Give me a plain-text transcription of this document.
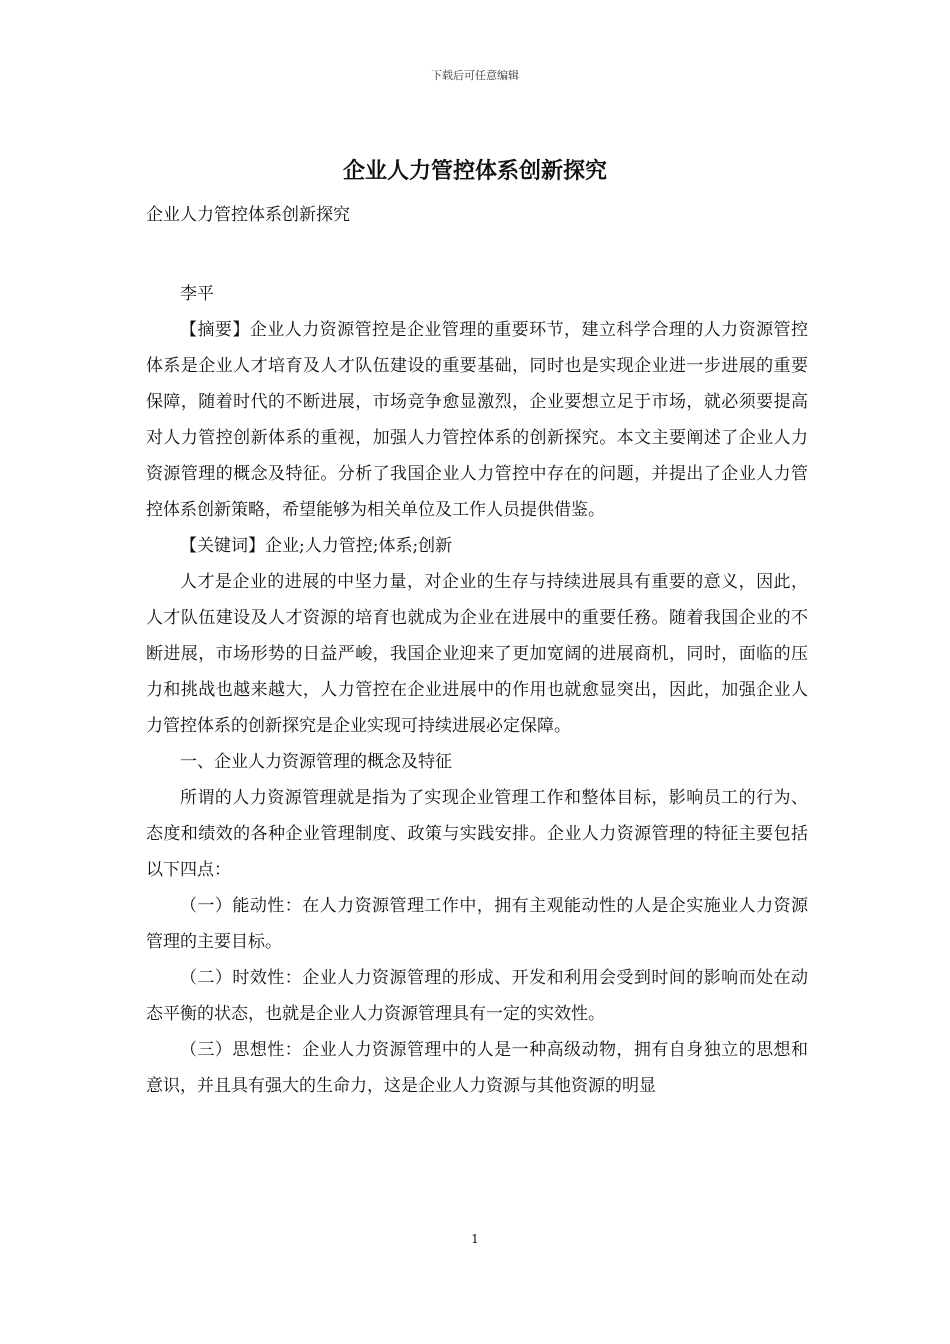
下载后可任意编辑
企业人力管控体系创新探究

企业人力管控体系创新探究

李平

【摘要】企业人力资源管控是企业管理的重要环节，建立科学合理的人力资源管控体系是企业人才培育及人才队伍建设的重要基础，同时也是实现企业进一步进展的重要保障，随着时代的不断进展，市场竞争愈显激烈，企业要想立足于市场，就必须要提高对人力管控创新体系的重视，加强人力管控体系的创新探究。本文主要阐述了企业人力资源管理的概念及特征。分析了我国企业人力管控中存在的问题，并提出了企业人力管控体系创新策略，希望能够为相关单位及工作人员提供借鉴。

【关键词】企业;人力管控;体系;创新

人才是企业的进展的中坚力量，对企业的生存与持续进展具有重要的意义，因此，人才队伍建设及人才资源的培育也就成为企业在进展中的重要任務。随着我国企业的不断进展，市场形势的日益严峻，我国企业迎来了更加宽阔的进展商机，同时，面临的压力和挑战也越来越大，人力管控在企业进展中的作用也就愈显突出，因此，加强企业人力管控体系的创新探究是企业实现可持续进展必定保障。

一、企业人力资源管理的概念及特征

所谓的人力资源管理就是指为了实现企业管理工作和整体目标，影响员工的行为、态度和绩效的各种企业管理制度、政策与实践安排。企业人力资源管理的特征主要包括以下四点：

（一）能动性：在人力资源管理工作中，拥有主观能动性的人是企实施业人力资源管理的主要目标。

（二）时效性：企业人力资源管理的形成、开发和利用会受到时间的影响而处在动态平衡的状态，也就是企业人力资源管理具有一定的实效性。

（三）思想性：企业人力资源管理中的人是一种高级动物，拥有自身独立的思想和意识，并且具有强大的生命力，这是企业人力资源与其他资源的明显

1
